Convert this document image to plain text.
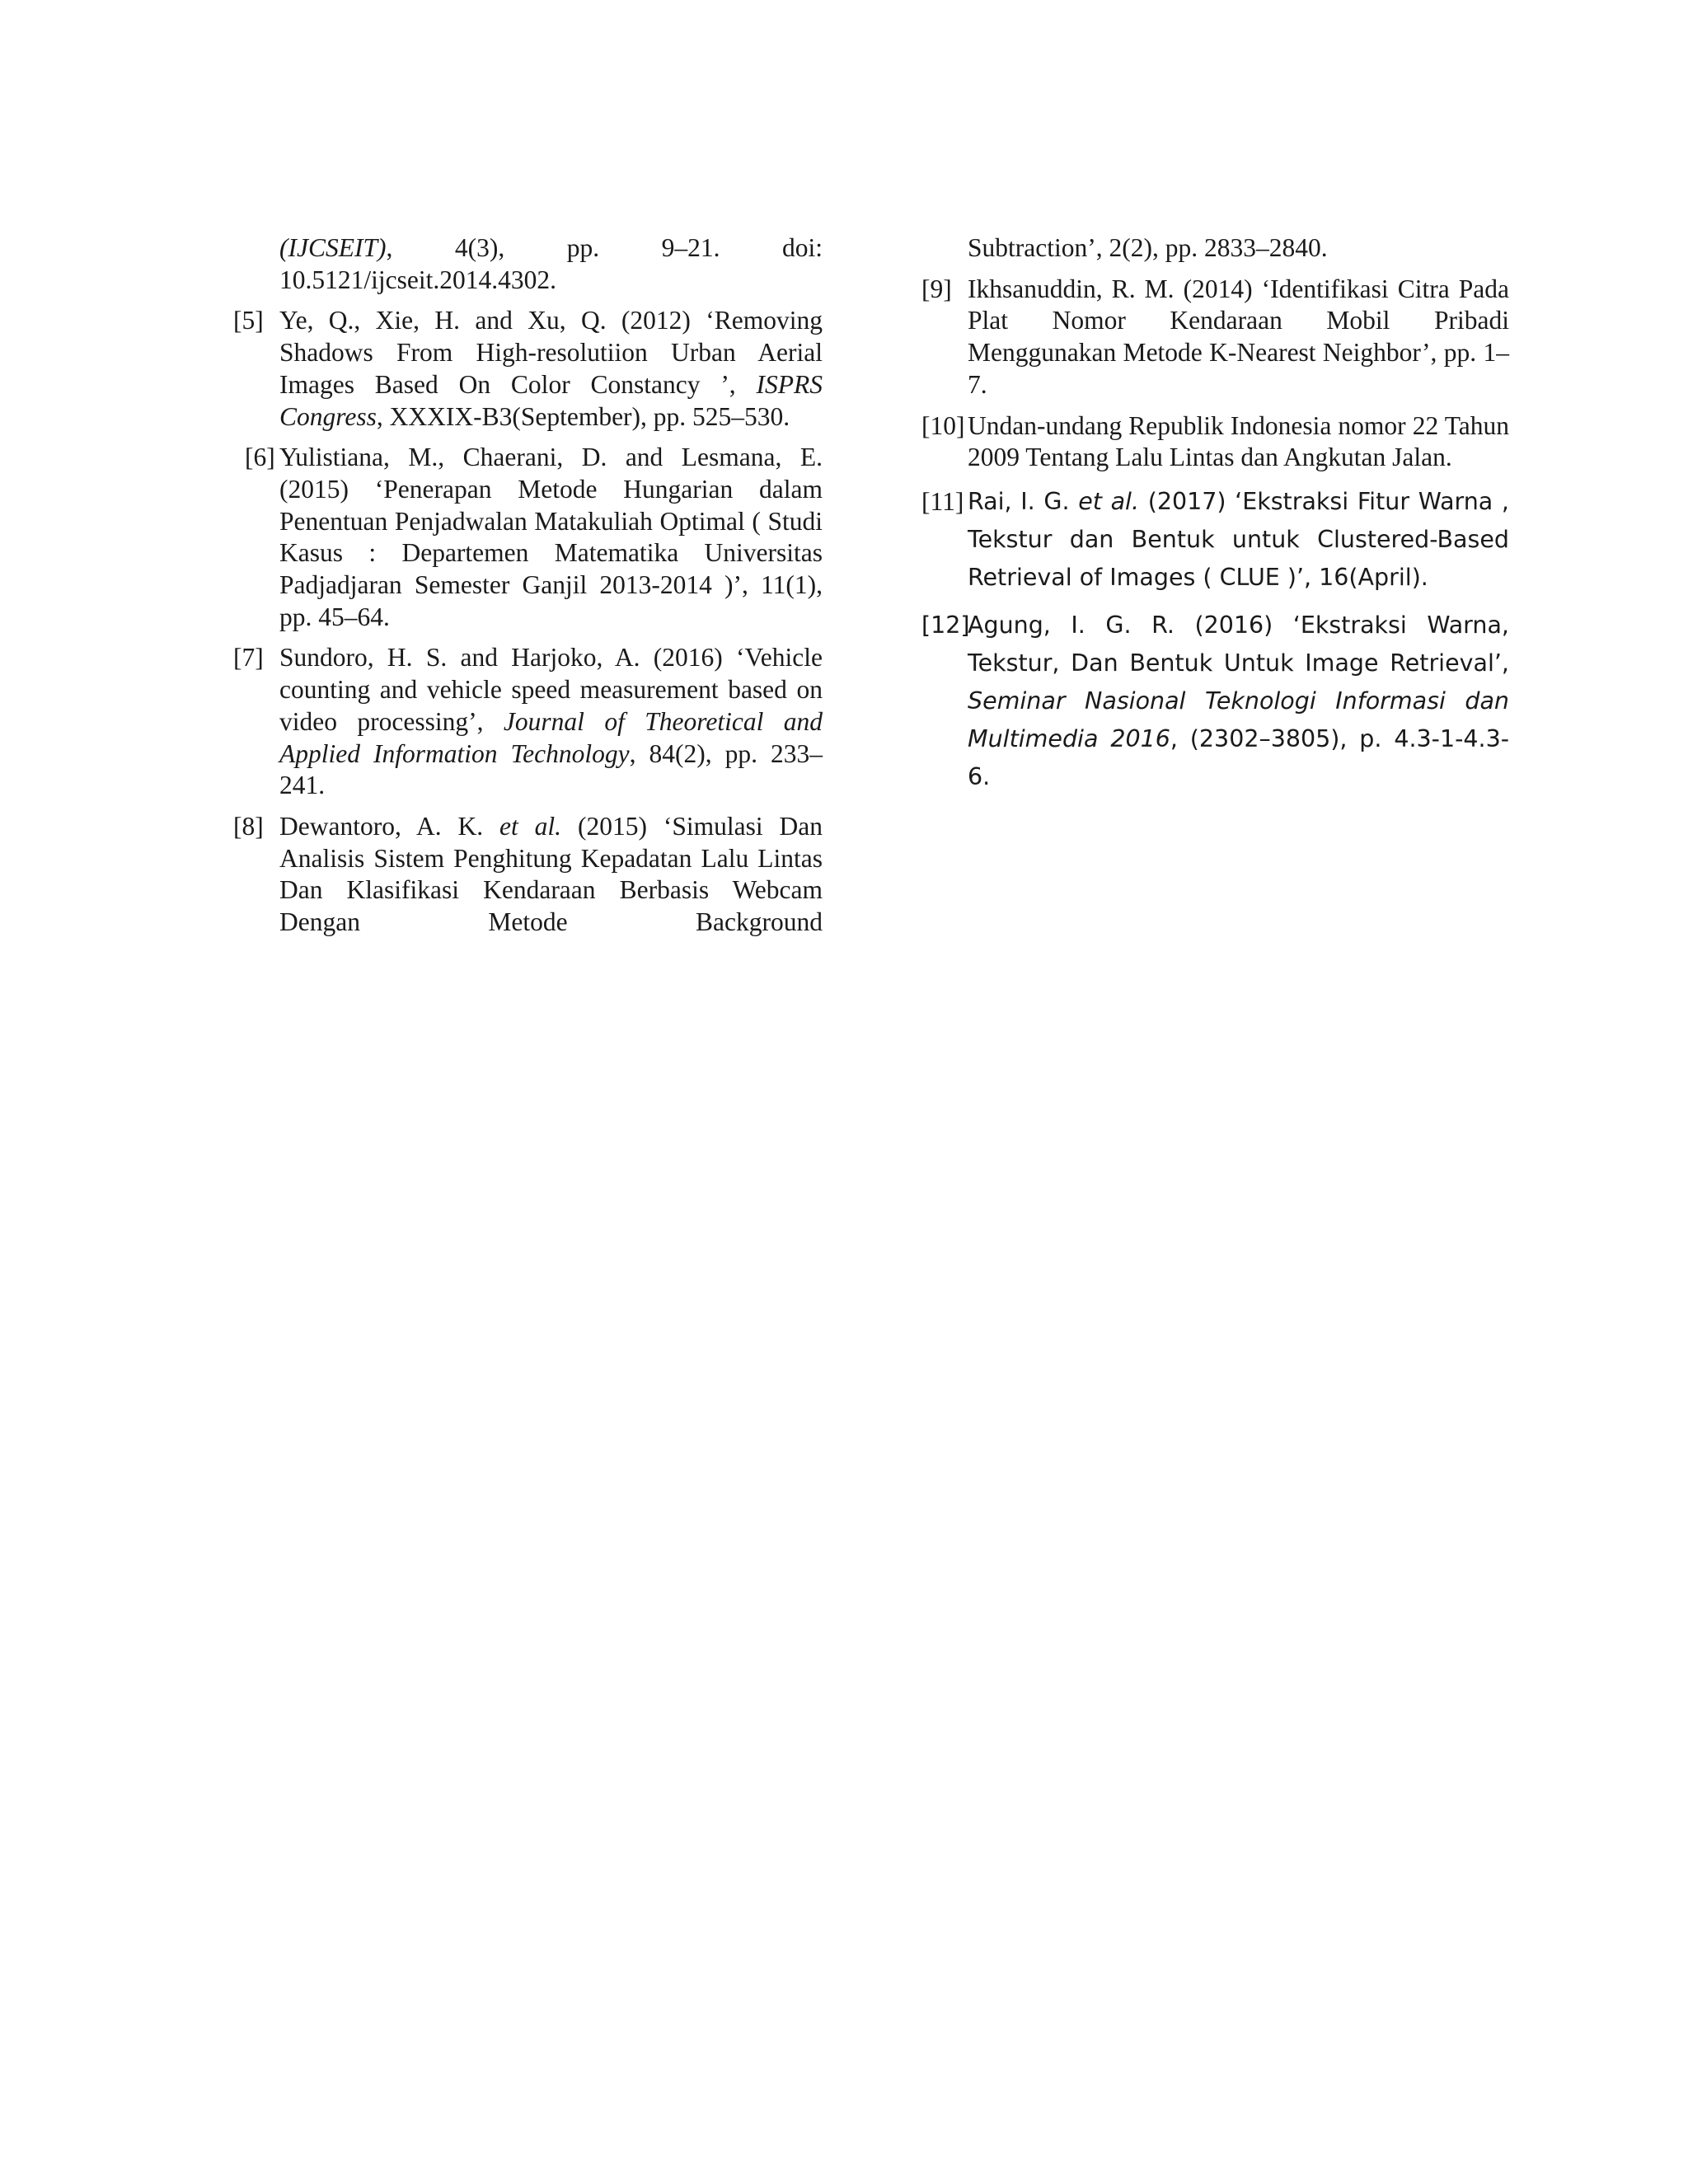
(IJCSEIT), 4(3), pp. 9–21. doi: 10.5121/ijcseit.2014.4302.

[5] Ye, Q., Xie, H. and Xu, Q. (2012) ‘Removing Shadows From High-resolutiion Urban Aerial Images Based On Color Constancy ’, ISPRS Congress, XXXIX-B3(September), pp. 525–530.

[6] Yulistiana, M., Chaerani, D. and Lesmana, E. (2015) ‘Penerapan Metode Hungarian dalam Penentuan Penjadwalan Matakuliah Optimal ( Studi Kasus : Departemen Matematika Universitas Padjadjaran Semester Ganjil 2013-2014 )’, 11(1), pp. 45–64.

[7] Sundoro, H. S. and Harjoko, A. (2016) ‘Vehicle counting and vehicle speed measurement based on video processing’, Journal of Theoretical and Applied Information Technology, 84(2), pp. 233–241.

[8] Dewantoro, A. K. et al. (2015) ‘Simulasi Dan Analisis Sistem Penghitung Kepadatan Lalu Lintas Dan Klasifikasi Kendaraan Berbasis Webcam Dengan Metode Background

Subtraction’, 2(2), pp. 2833–2840.

[9] Ikhsanuddin, R. M. (2014) ‘Identifikasi Citra Pada Plat Nomor Kendaraan Mobil Pribadi Menggunakan Metode K-Nearest Neighbor’, pp. 1–7.

[10] Undan-undang Republik Indonesia nomor 22 Tahun 2009 Tentang Lalu Lintas dan Angkutan Jalan.

[11] Rai, I. G. et al. (2017) ‘Ekstraksi Fitur Warna , Tekstur dan Bentuk untuk Clustered-Based Retrieval of Images ( CLUE )’, 16(April).

[12]
Agung, I. G. R. (2016) ‘Ekstraksi Warna, Tekstur, Dan Bentuk Untuk Image Retrieval’, Seminar Nasional Teknologi Informasi dan Multimedia 2016, (2302–3805), p. 4.3-1-4.3-6.
